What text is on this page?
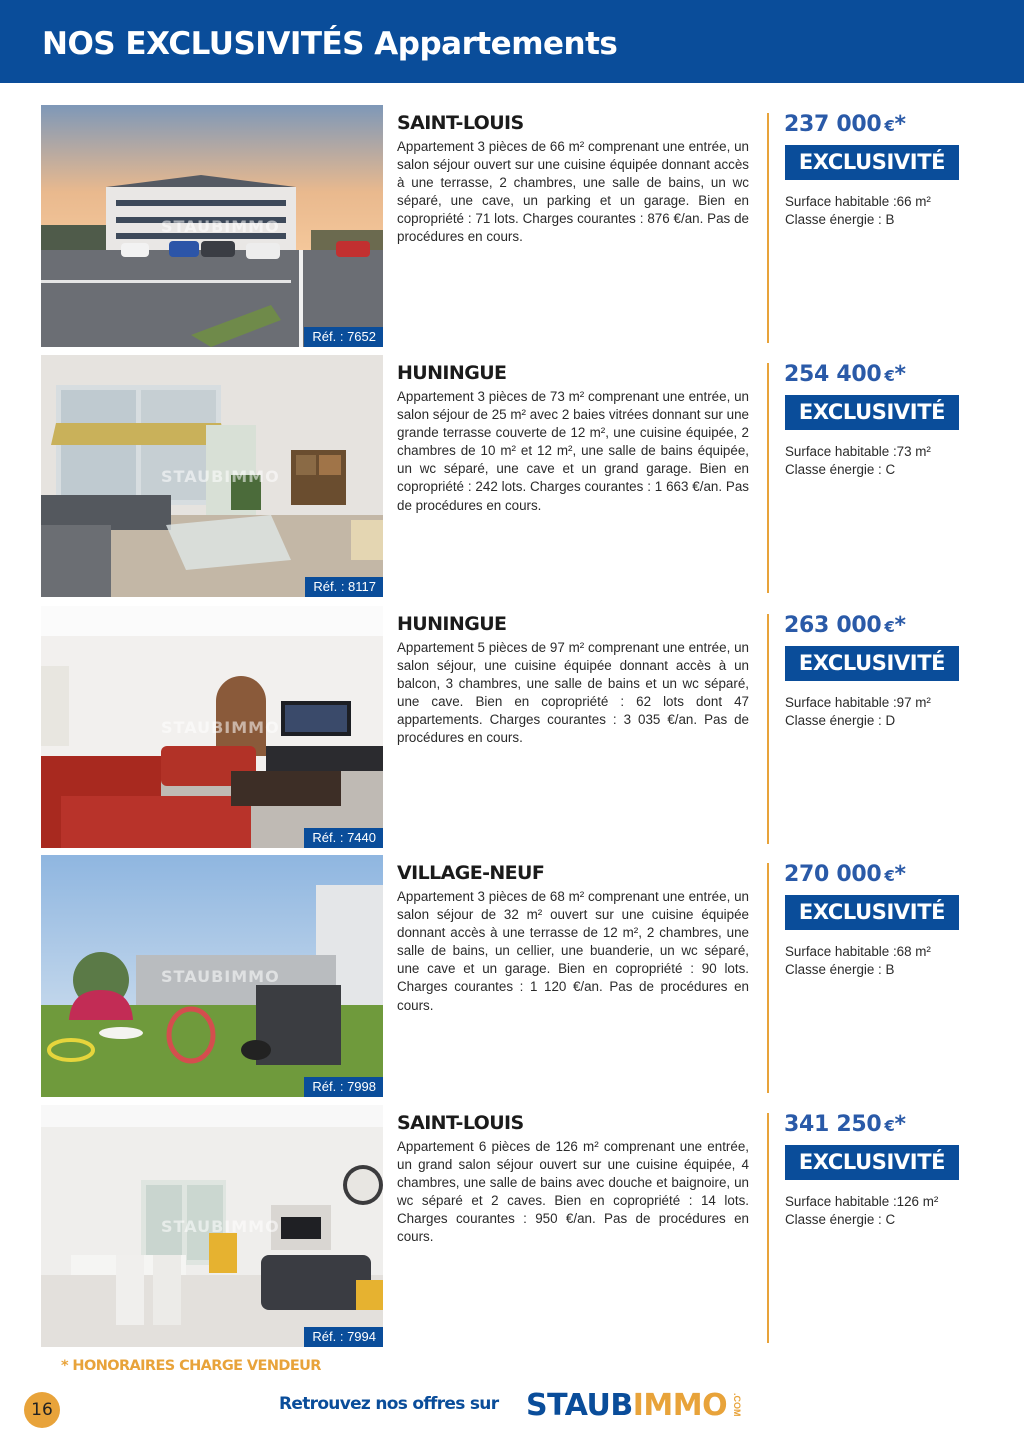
NOS EXCLUSIVITÉS Appartements
STAUBIMMO
Réf. : 7652
SAINT-LOUIS
Appartement 3 pièces de 66 m² comprenant une entrée, un salon séjour ouvert sur une cuisine équipée donnant accès à une terrasse, 2 chambres, une salle de bains, un wc séparé, une cave, un parking et un garage. Bien en copropriété : 71 lots. Charges courantes : 876 €/an. Pas de procédures en cours.
237 000 €*
EXCLUSIVITÉ
Surface habitable :66 m²
Classe énergie : B
STAUBIMMO
Réf. : 8117
HUNINGUE
Appartement 3 pièces de 73 m² comprenant une entrée, un salon séjour de 25 m² avec 2 baies vitrées donnant sur une grande terrasse couverte de 12 m², une cuisine équipée, 2 chambres de 10 m² et 12 m², une salle de bains équipée, un wc séparé, une cave et un grand garage. Bien en copropriété : 242 lots. Charges courantes : 1 663 €/an. Pas de procédures en cours.
254 400 €*
EXCLUSIVITÉ
Surface habitable :73 m²
Classe énergie : C
STAUBIMMO
Réf. : 7440
HUNINGUE
Appartement 5 pièces de 97 m² comprenant une entrée, un salon séjour, une cuisine équipée donnant accès à un balcon, 3 chambres, une salle de bains et un wc séparé, une cave. Bien en copropriété : 62 lots dont 47 appartements. Charges courantes : 3 035 €/an. Pas de procédures en cours.
263 000 €*
EXCLUSIVITÉ
Surface habitable :97 m²
Classe énergie : D
STAUBIMMO
Réf. : 7998
VILLAGE-NEUF
Appartement 3 pièces de 68 m² comprenant une entrée, un salon séjour de 32 m² ouvert sur une cuisine équipée donnant accès à une terrasse de 12 m², 2 chambres, une salle de bains, un cellier, une buanderie, un wc séparé, une cave et un garage. Bien en copropriété : 90 lots. Charges courantes : 1 120 €/an. Pas de procédures en cours.
270 000 €*
EXCLUSIVITÉ
Surface habitable :68 m²
Classe énergie : B
STAUBIMMO
Réf. : 7994
SAINT-LOUIS
Appartement 6 pièces de 126 m² comprenant une entrée, un grand salon séjour ouvert sur une cuisine équipée, 4 chambres, une salle de bains avec douche et baignoire, un wc séparé et 2 caves. Bien en copropriété : 14 lots. Charges courantes : 950 €/an. Pas de procédures en cours.
341 250 €*
EXCLUSIVITÉ
Surface habitable :126 m²
Classe énergie : C
* HONORAIRES CHARGE VENDEUR
16	Retrouvez nos offres sur STAUBIMMO .COM
